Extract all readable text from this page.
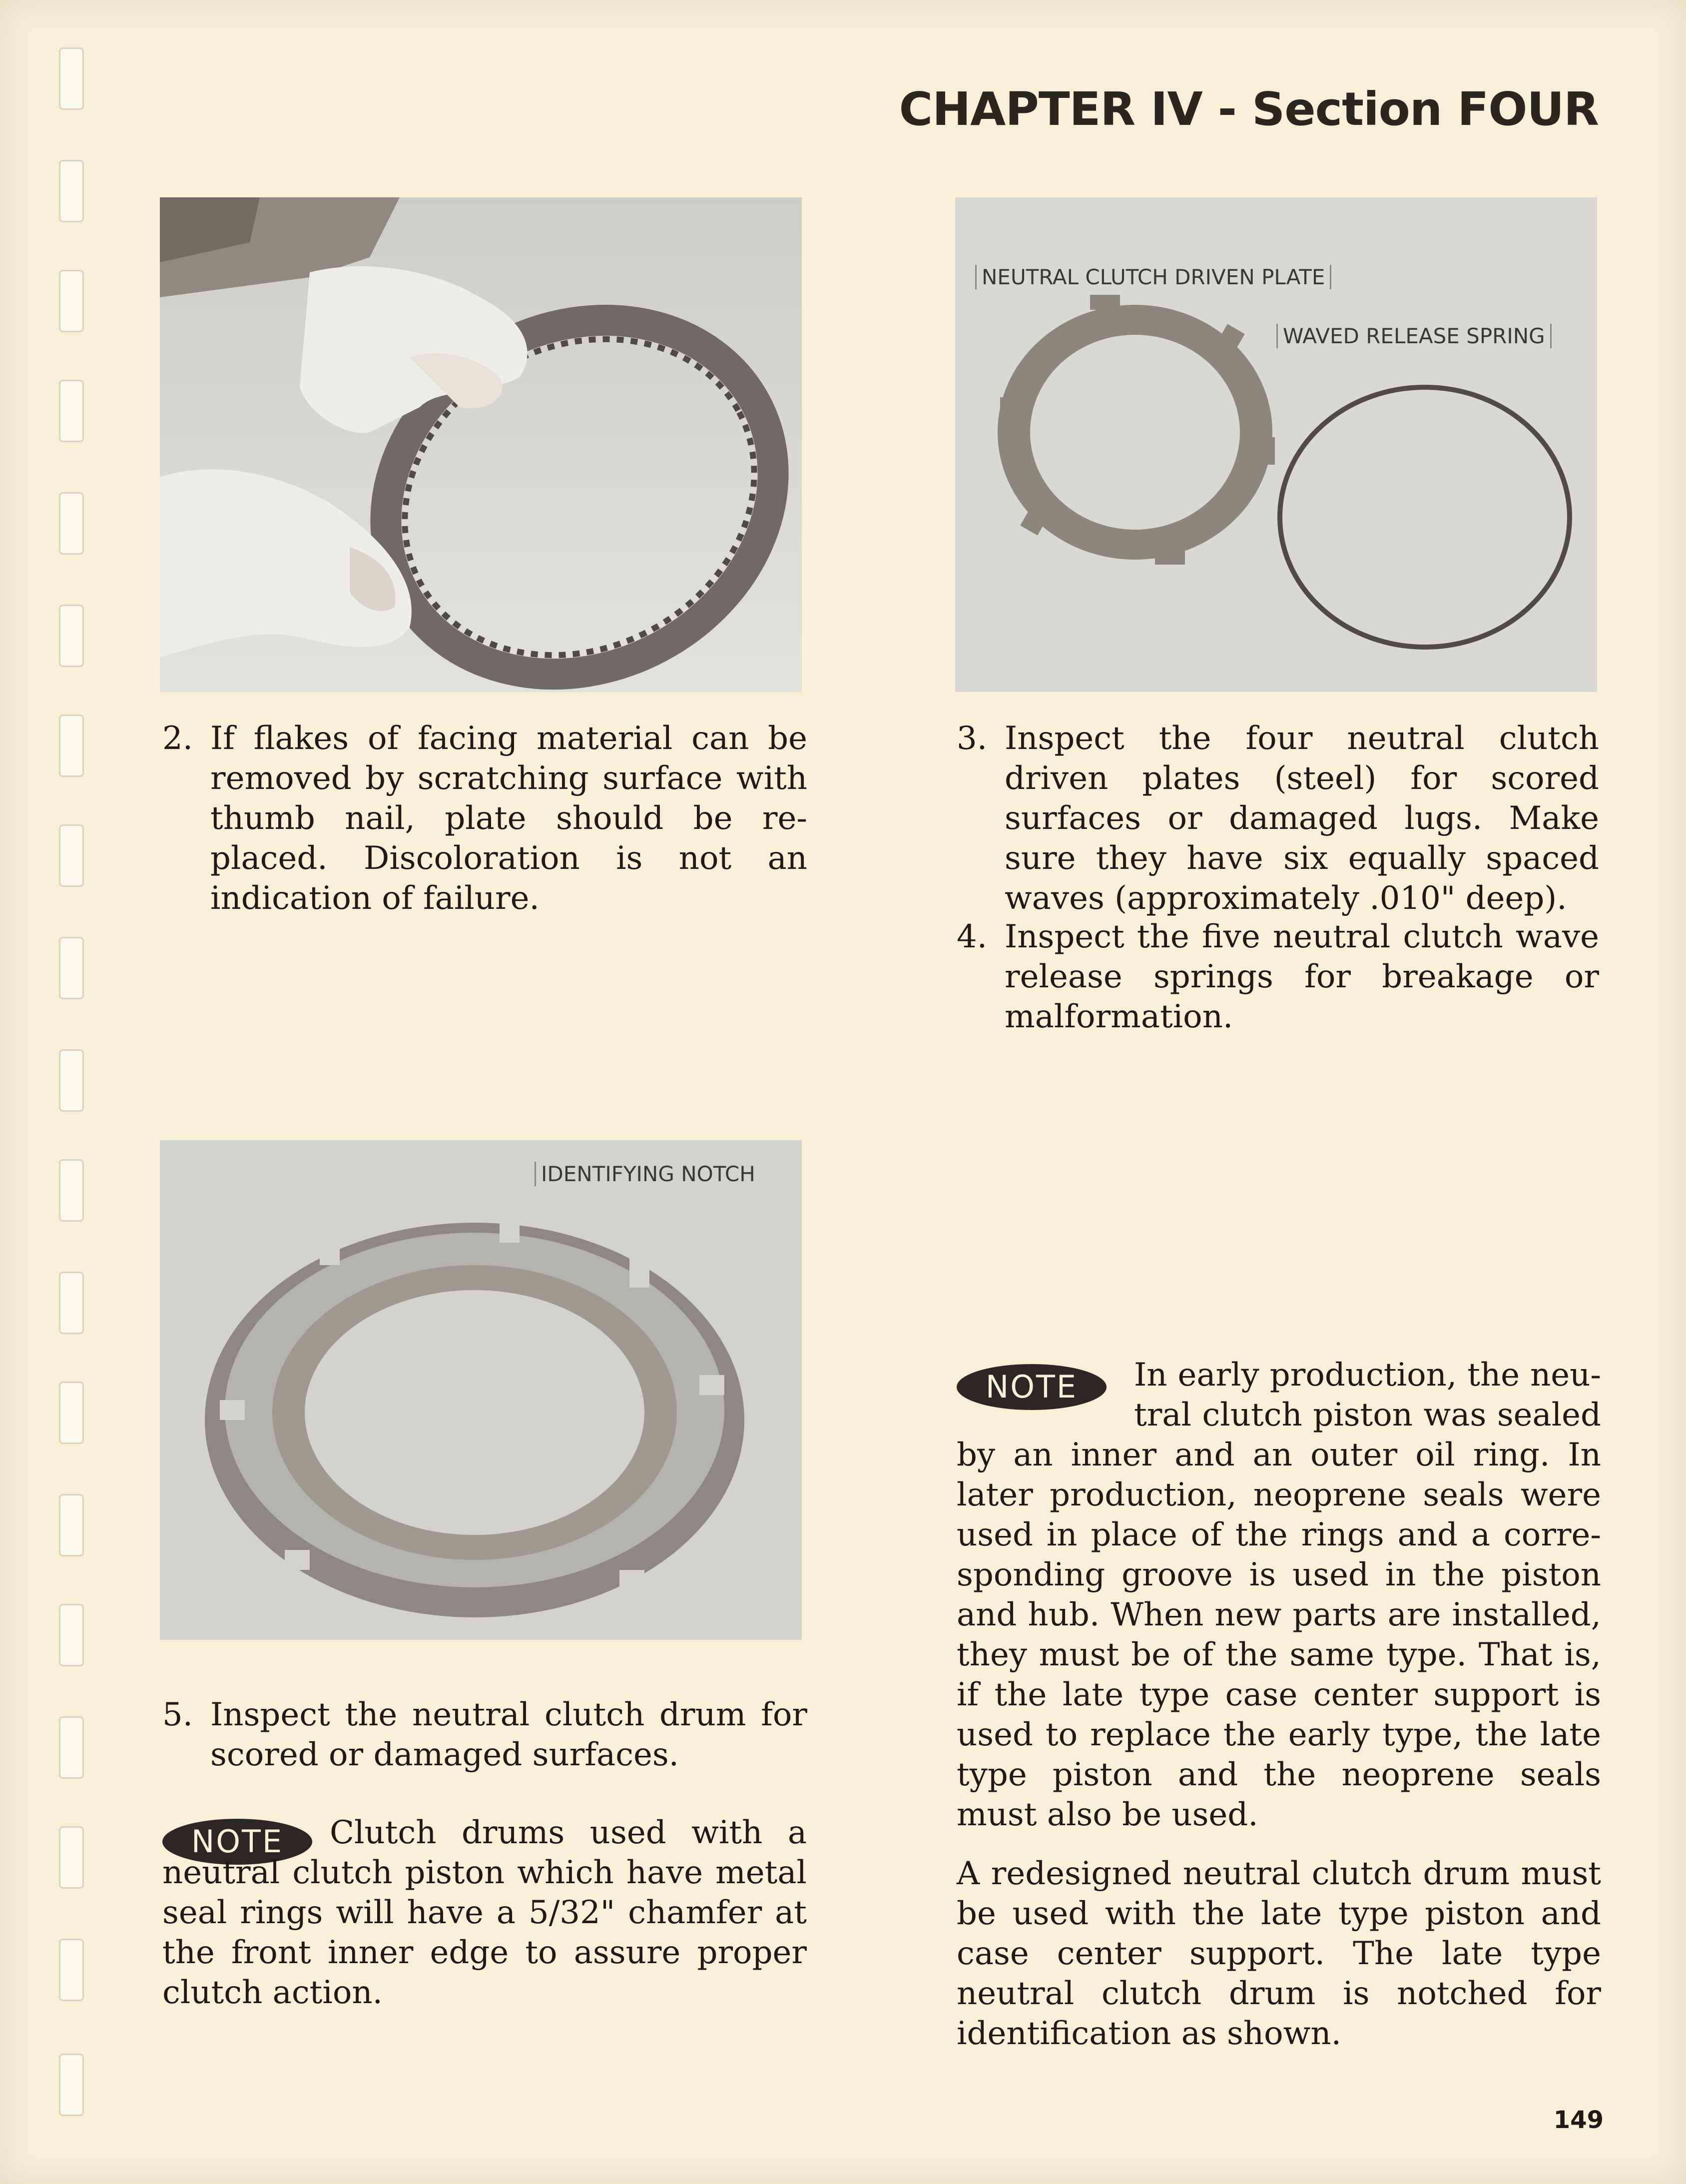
CHAPTER IV - Section FOUR
NEUTRAL CLUTCH DRIVEN PLATE
WAVED RELEASE SPRING
IDENTIFYING NOTCH
2. If flakes of facing material can be removed by scratching surface with thumb nail, plate should be re-placed. Discoloration is not an indication of failure.
3. Inspect the four neutral clutch driven plates (steel) for scored surfaces or damaged lugs. Make sure they have six equally spaced waves (approximately .010" deep).
4. Inspect the five neutral clutch wave release springs for breakage or malformation.
5. Inspect the neutral clutch drum for scored or damaged surfaces.
NOTE	Clutch drums used with a neutral clutch piston which have metal seal rings will have a 5/32" chamfer at the front inner edge to assure proper clutch action.
NOTE	In early production, the neu-tral clutch piston was sealed by an inner and an outer oil ring. In later production, neoprene seals were used in place of the rings and a corre-sponding groove is used in the piston and hub. When new parts are installed, they must be of the same type. That is, if the late type case center support is used to replace the early type, the late type piston and the neoprene seals must also be used.
A redesigned neutral clutch drum must be used with the late type piston and case center support. The late type neutral clutch drum is notched for identification as shown.
149
